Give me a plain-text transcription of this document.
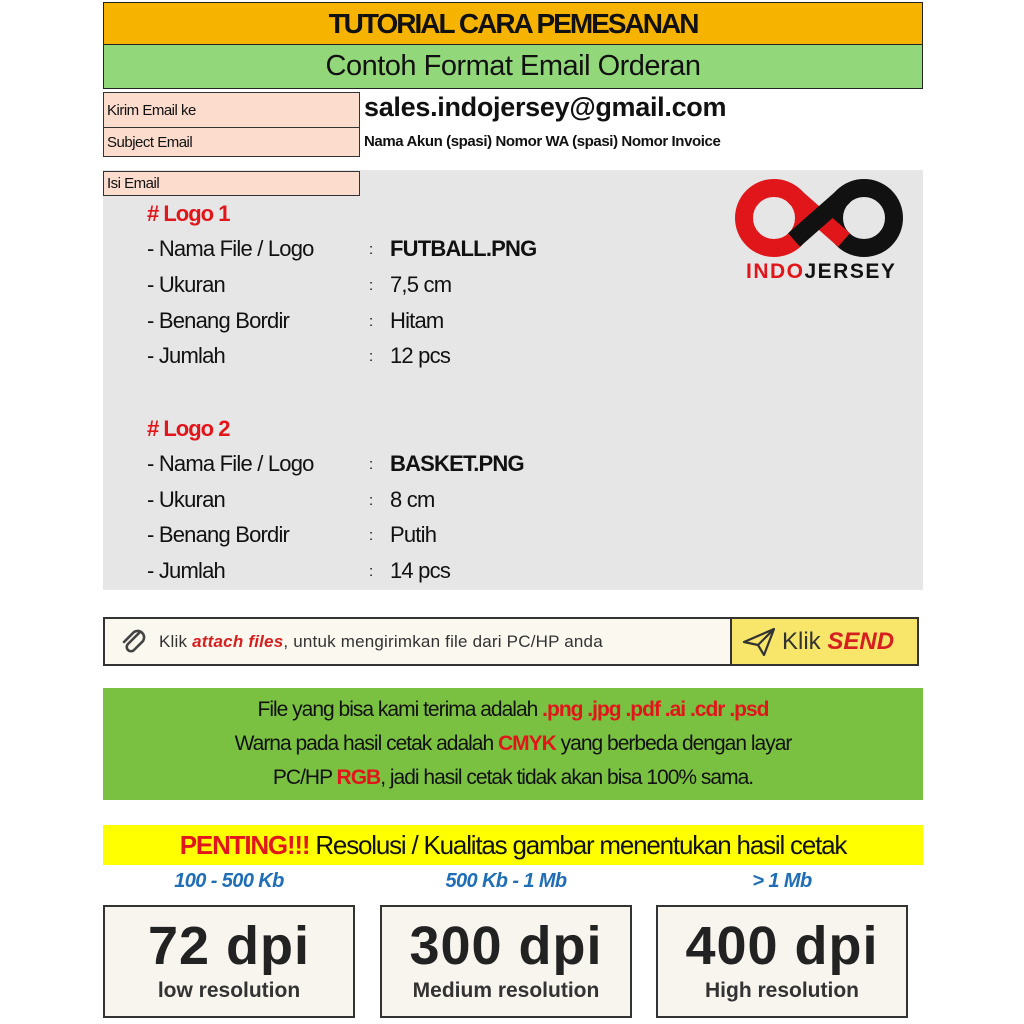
TUTORIAL CARA PEMESANAN
Contoh Format Email Orderan
Kirim Email ke	sales.indojersey@gmail.com
Subject Email	Nama Akun (spasi) Nomor WA (spasi) Nomor Invoice
Isi Email
INDOJERSEY
# Logo 1
- Nama File / Logo	: FUTBALL.PNG
- Ukuran	: 7,5 cm
- Benang Bordir	: Hitam
- Jumlah	: 12 pcs
# Logo 2
- Nama File / Logo	: BASKET.PNG
- Ukuran	: 8 cm
- Benang Bordir	: Putih
- Jumlah	: 14 pcs
Klik attach files, untuk mengirimkan file dari PC/HP anda	Klik SEND
File yang bisa kami terima adalah .png .jpg .pdf .ai .cdr .psd
Warna pada hasil cetak adalah CMYK yang berbeda dengan layar
PC/HP RGB, jadi hasil cetak tidak akan bisa 100% sama.
PENTING!!! Resolusi / Kualitas gambar menentukan hasil cetak
100 - 500 Kb	500 Kb - 1 Mb	> 1 Mb
72 dpi
low resolution
300 dpi
Medium resolution
400 dpi
High resolution
